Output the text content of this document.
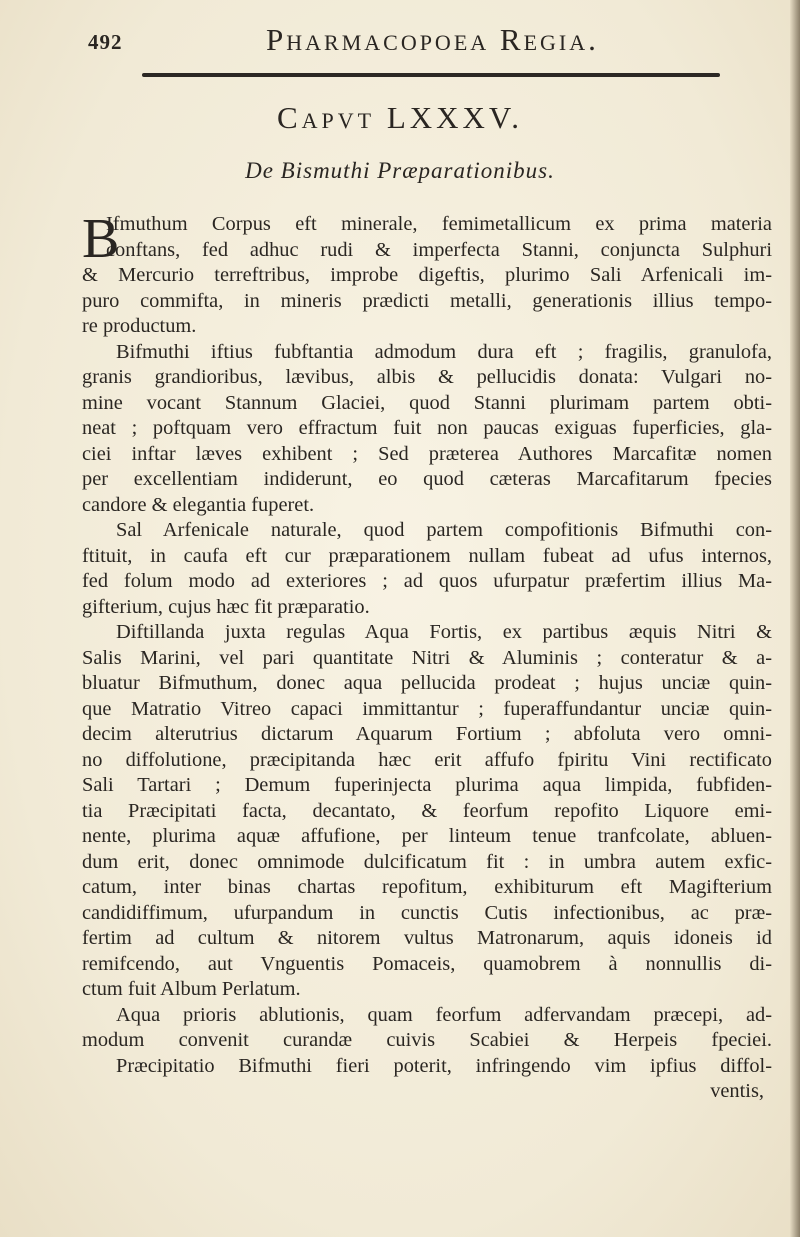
492	Pharmacopoea Regia.
Capvt LXXXV.
De Bismuthi Præparationibus.
B
Ifmuthum Corpus eft minerale, femimetallicum ex prima materia
conftans, fed adhuc rudi & imperfecta Stanni, conjuncta Sulphuri
& Mercurio terreftribus, improbe digeftis, plurimo Sali Arfenicali im-
puro commifta, in mineris prædicti metalli, generationis illius tempo-
re productum.
Bifmuthi iftius fubftantia admodum dura eft ; fragilis, granulofa,
granis grandioribus, lævibus, albis & pellucidis donata: Vulgari no-
mine vocant Stannum Glaciei, quod Stanni plurimam partem obti-
neat ; poftquam vero effractum fuit non paucas exiguas fuperficies, gla-
ciei inftar læves exhibent ; Sed præterea Authores Marcafitæ nomen
per excellentiam indiderunt, eo quod cæteras Marcafitarum fpecies
candore & elegantia fuperet.
Sal Arfenicale naturale, quod partem compofitionis Bifmuthi con-
ftituit, in caufa eft cur præparationem nullam fubeat ad ufus internos,
fed folum modo ad exteriores ; ad quos ufurpatur præfertim illius Ma-
gifterium, cujus hæc fit præparatio.
Diftillanda juxta regulas Aqua Fortis, ex partibus æquis Nitri &
Salis Marini, vel pari quantitate Nitri & Aluminis ; conteratur & a-
bluatur Bifmuthum, donec aqua pellucida prodeat ; hujus unciæ quin-
que Matratio Vitreo capaci immittantur ; fuperaffundantur unciæ quin-
decim alterutrius dictarum Aquarum Fortium ; abfoluta vero omni-
no diffolutione, præcipitanda hæc erit affufo fpiritu Vini rectificato
Sali Tartari ; Demum fuperinjecta plurima aqua limpida, fubfiden-
tia Præcipitati facta, decantato, & feorfum repofito Liquore emi-
nente, plurima aquæ affufione, per linteum tenue tranfcolate, abluen-
dum erit, donec omnimode dulcificatum fit : in umbra autem exfic-
catum, inter binas chartas repofitum, exhibiturum eft Magifterium
candidiffimum, ufurpandum in cunctis Cutis infectionibus, ac præ-
fertim ad cultum & nitorem vultus Matronarum, aquis idoneis id
remifcendo, aut Vnguentis Pomaceis, quamobrem à nonnullis di-
ctum fuit Album Perlatum.
Aqua prioris ablutionis, quam feorfum adfervandam præcepi, ad-
modum convenit curandæ cuivis Scabiei & Herpeis fpeciei.
Præcipitatio Bifmuthi fieri poterit, infringendo vim ipfius diffol-
ventis,
